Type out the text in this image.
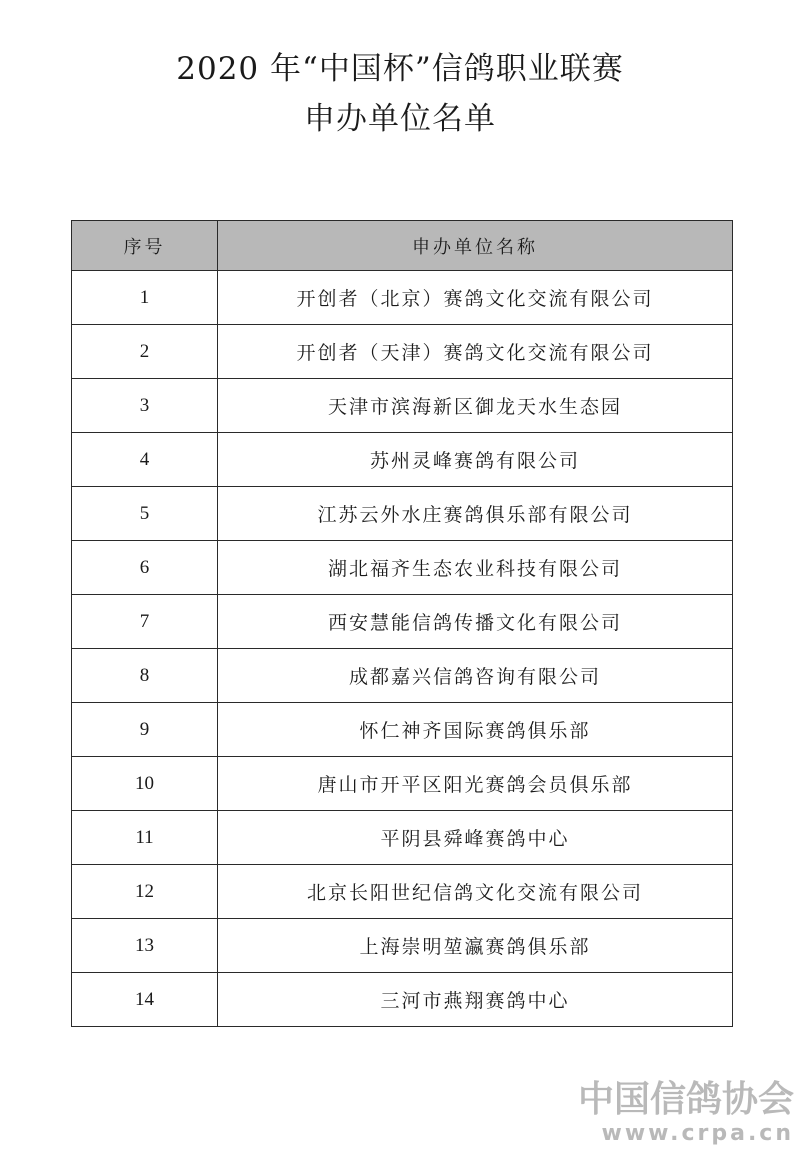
2020 年“中国杯”信鸽职业联赛
申办单位名单
序号	申办单位名称
1	开创者（北京）赛鸽文化交流有限公司
2	开创者（天津）赛鸽文化交流有限公司
3	天津市滨海新区御龙天水生态园
4	苏州灵峰赛鸽有限公司
5	江苏云外水庄赛鸽俱乐部有限公司
6	湖北福齐生态农业科技有限公司
7	西安慧能信鸽传播文化有限公司
8	成都嘉兴信鸽咨询有限公司
9	怀仁神齐国际赛鸽俱乐部
10	唐山市开平区阳光赛鸽会员俱乐部
11	平阴县舜峰赛鸽中心
12	北京长阳世纪信鸽文化交流有限公司
13	上海崇明堃瀛赛鸽俱乐部
14	三河市燕翔赛鸽中心
中国信鸽协会
www.crpa.cn
